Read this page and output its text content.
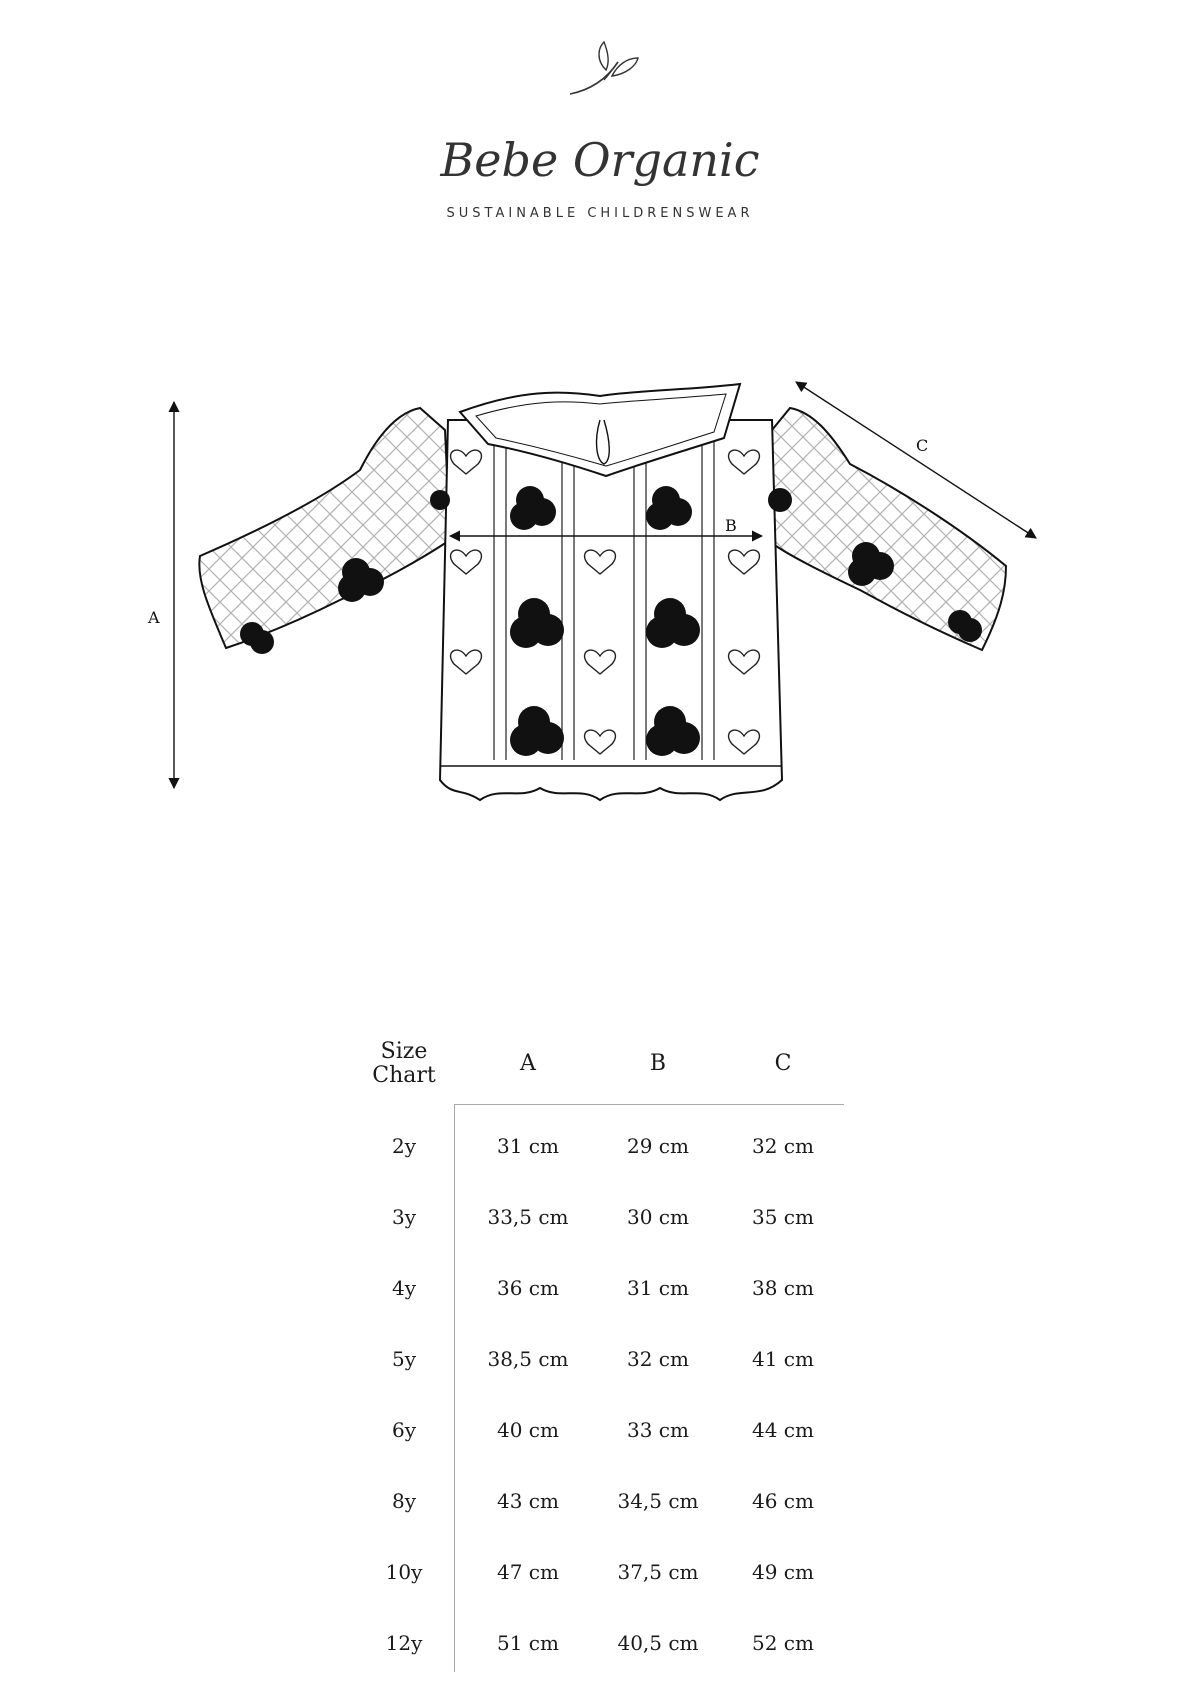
Bebe Organic
SUSTAINABLE CHILDRENSWEAR
A
B
C
Size
Chart	A	B	C
2y	31 cm	29 cm	32 cm
3y	33,5 cm	30 cm	35 cm
4y	36 cm	31 cm	38 cm
5y	38,5 cm	32 cm	41 cm
6y	40 cm	33 cm	44 cm
8y	43 cm	34,5 cm	46 cm
10y	47 cm	37,5 cm	49 cm
12y	51 cm	40,5 cm	52 cm
